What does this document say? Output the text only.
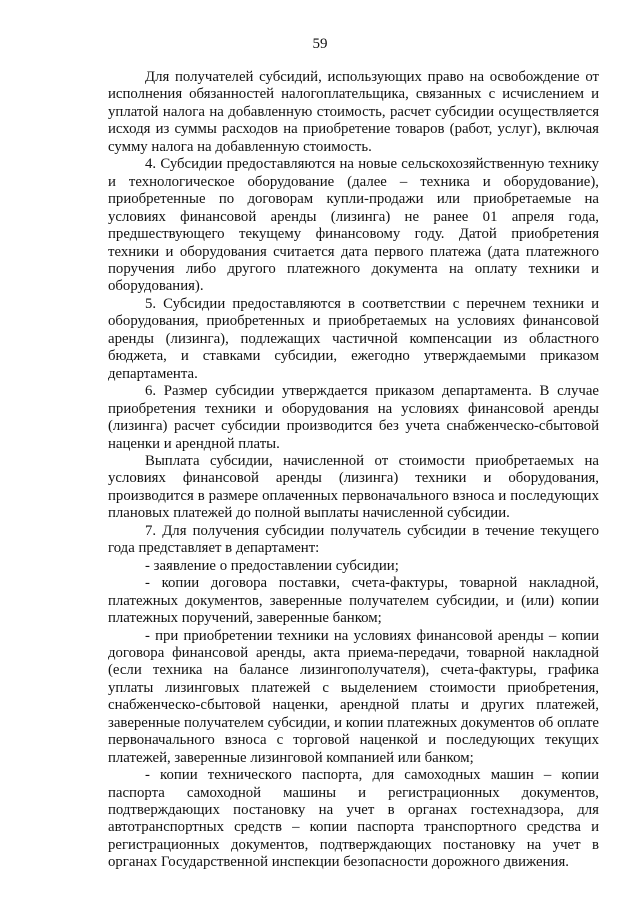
59

Для получателей субсидий, использующих право на освобождение от исполнения обязанностей налогоплательщика, связанных с исчислением и уплатой налога на добавленную стоимость, расчет субсидии осуществляется исходя из суммы расходов на приобретение товаров (работ, услуг), включая сумму налога на добавленную стоимость.

4. Субсидии предоставляются на новые сельскохозяйственную технику и технологическое оборудование (далее – техника и оборудование), приобретенные по договорам купли-продажи или приобретаемые на условиях финансовой аренды (лизинга) не ранее 01 апреля года, предшествующего текущему финансовому году. Датой приобретения техники и оборудования считается дата первого платежа (дата платежного поручения либо другого платежного документа на оплату техники и оборудования).

5. Субсидии предоставляются в соответствии с перечнем техники и оборудования, приобретенных и приобретаемых на условиях финансовой аренды (лизинга), подлежащих частичной компенсации из областного бюджета, и ставками субсидии, ежегодно утверждаемыми приказом департамента.

6. Размер субсидии утверждается приказом департамента. В случае приобретения техники и оборудования на условиях финансовой аренды (лизинга) расчет субсидии производится без учета снабженческо-сбытовой наценки и арендной платы.

Выплата субсидии, начисленной от стоимости приобретаемых на условиях финансовой аренды (лизинга) техники и оборудования, производится в размере оплаченных первоначального взноса и последующих плановых платежей до полной выплаты начисленной субсидии.

7. Для получения субсидии получатель субсидии в течение текущего года представляет в департамент:

- заявление о предоставлении субсидии;

- копии договора поставки, счета-фактуры, товарной накладной, платежных документов, заверенные получателем субсидии, и (или) копии платежных поручений, заверенные банком;

- при приобретении техники на условиях финансовой аренды – копии договора финансовой аренды, акта приема-передачи, товарной накладной (если техника на балансе лизингополучателя), счета-фактуры, графика уплаты лизинговых платежей с выделением стоимости приобретения, снабженческо-сбытовой наценки, арендной платы и других платежей, заверенные получателем субсидии, и копии платежных документов об оплате первоначального взноса с торговой наценкой и последующих текущих платежей, заверенные лизинговой компанией или банком;

- копии технического паспорта, для самоходных машин – копии паспорта самоходной машины и регистрационных документов, подтверждающих постановку на учет в органах гостехнадзора, для автотранспортных средств – копии паспорта транспортного средства и регистрационных документов, подтверждающих постановку на учет в органах Государственной инспекции безопасности дорожного движения.
